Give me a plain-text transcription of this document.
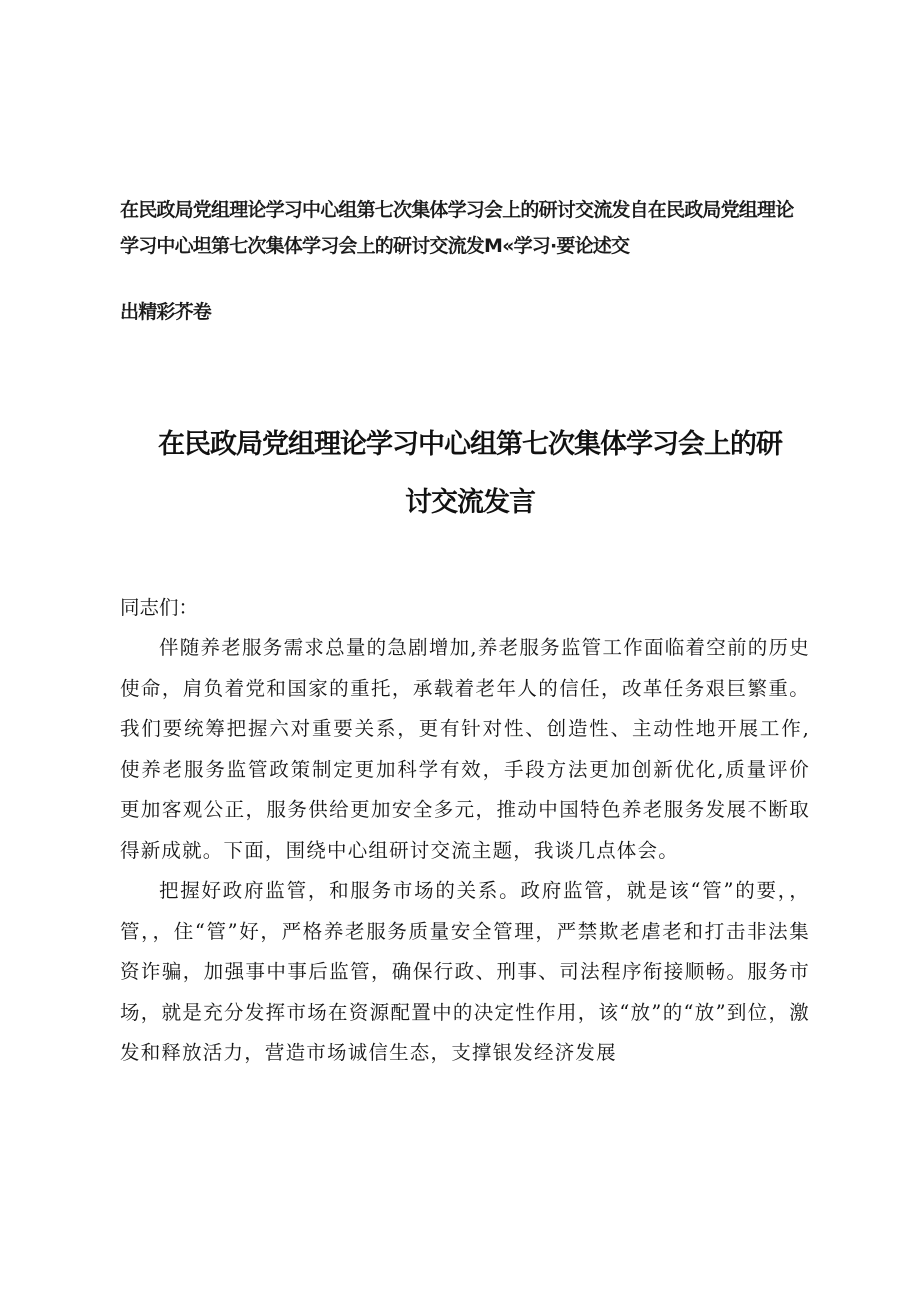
在民政局党组理论学习中心组第七次集体学习会上的研讨交流发自在民政局党组理论
学习中心坦第七次集体学习会上的研讨交流发M«学习·要论述交
出精彩芥卷
在民政局党组理论学习中心组第七次集体学习会上的研
讨交流发言
同志们：

伴随养老服务需求总量的急剧增加,养老服务监管工作面临着空前的历史使命，肩负着党和国家的重托，承载着老年人的信任，改革任务艰巨繁重。我们要统筹把握六对重要关系，更有针对性、创造性、主动性地开展工作,使养老服务监管政策制定更加科学有效，手段方法更加创新优化,质量评价更加客观公正，服务供给更加安全多元，推动中国特色养老服务发展不断取得新成就。下面，围绕中心组研讨交流主题，我谈几点体会。

把握好政府监管，和服务市场的关系。政府监管，就是该“管”的要，，管，，住“管”好，严格养老服务质量安全管理，严禁欺老虐老和打击非法集资诈骗，加强事中事后监管，确保行政、刑事、司法程序衔接顺畅。服务市场，就是充分发挥市场在资源配置中的决定性作用，该“放”的“放”到位，激发和释放活力，营造市场诚信生态，支撑银发经济发展
